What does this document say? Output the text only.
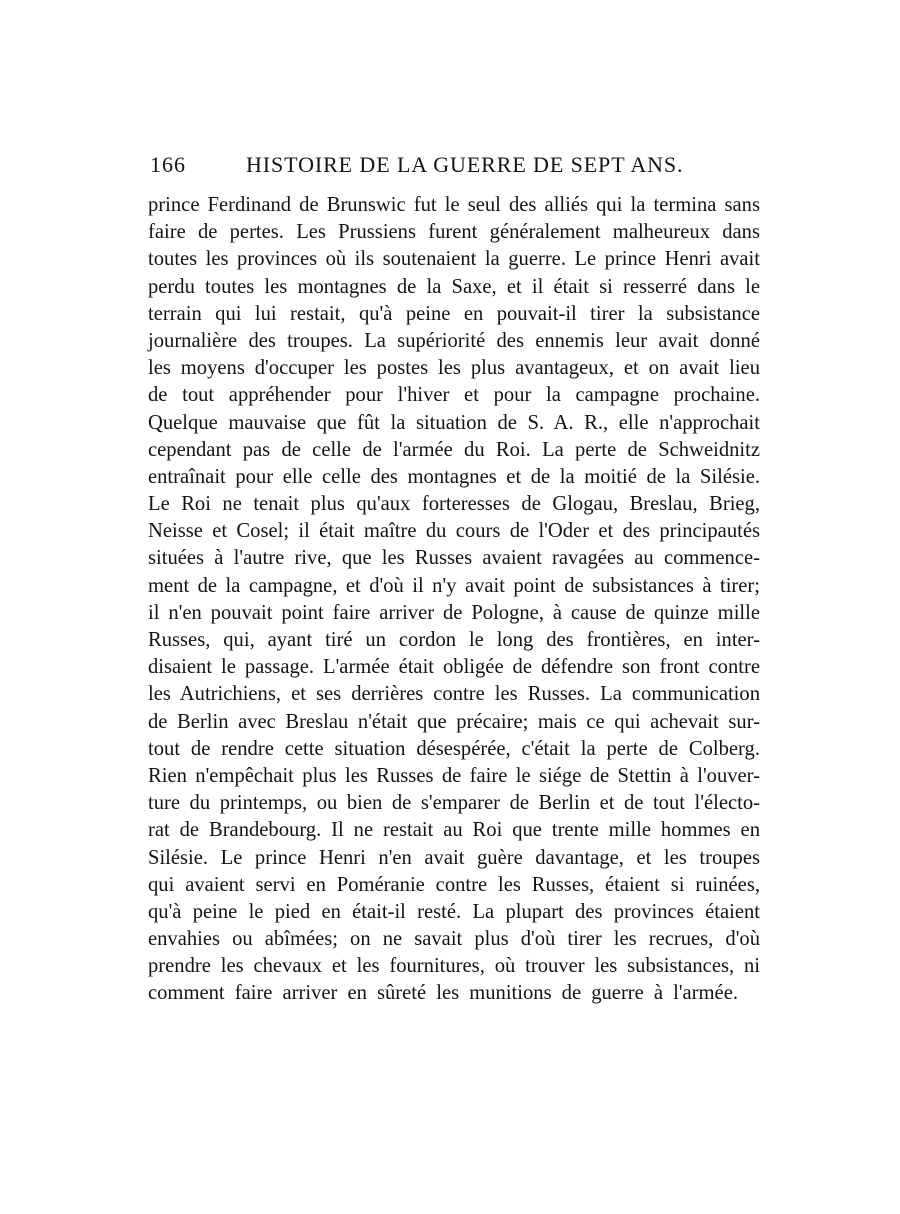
166	HISTOIRE DE LA GUERRE DE SEPT ANS.
prince Ferdinand de Brunswic fut le seul des alliés qui la termina sans
faire de pertes. Les Prussiens furent généralement malheureux dans
toutes les provinces où ils soutenaient la guerre. Le prince Henri avait
perdu toutes les montagnes de la Saxe, et il était si resserré dans le
terrain qui lui restait, qu'à peine en pouvait-il tirer la subsistance
journalière des troupes. La supériorité des ennemis leur avait donné
les moyens d'occuper les postes les plus avantageux, et on avait lieu
de tout appréhender pour l'hiver et pour la campagne prochaine.
Quelque mauvaise que fût la situation de S. A. R., elle n'approchait
cependant pas de celle de l'armée du Roi. La perte de Schweidnitz
entraînait pour elle celle des montagnes et de la moitié de la Silésie.
Le Roi ne tenait plus qu'aux forteresses de Glogau, Breslau, Brieg,
Neisse et Cosel; il était maître du cours de l'Oder et des principautés
situées à l'autre rive, que les Russes avaient ravagées au commence-
ment de la campagne, et d'où il n'y avait point de subsistances à tirer;
il n'en pouvait point faire arriver de Pologne, à cause de quinze mille
Russes, qui, ayant tiré un cordon le long des frontières, en inter-
disaient le passage. L'armée était obligée de défendre son front contre
les Autrichiens, et ses derrières contre les Russes. La communication
de Berlin avec Breslau n'était que précaire; mais ce qui achevait sur-
tout de rendre cette situation désespérée, c'était la perte de Colberg.
Rien n'empêchait plus les Russes de faire le siége de Stettin à l'ouver-
ture du printemps, ou bien de s'emparer de Berlin et de tout l'électo-
rat de Brandebourg. Il ne restait au Roi que trente mille hommes en
Silésie. Le prince Henri n'en avait guère davantage, et les troupes
qui avaient servi en Poméranie contre les Russes, étaient si ruinées,
qu'à peine le pied en était-il resté. La plupart des provinces étaient
envahies ou abîmées; on ne savait plus d'où tirer les recrues, d'où
prendre les chevaux et les fournitures, où trouver les subsistances, ni
comment faire arriver en sûreté les munitions de guerre à l'armée.
